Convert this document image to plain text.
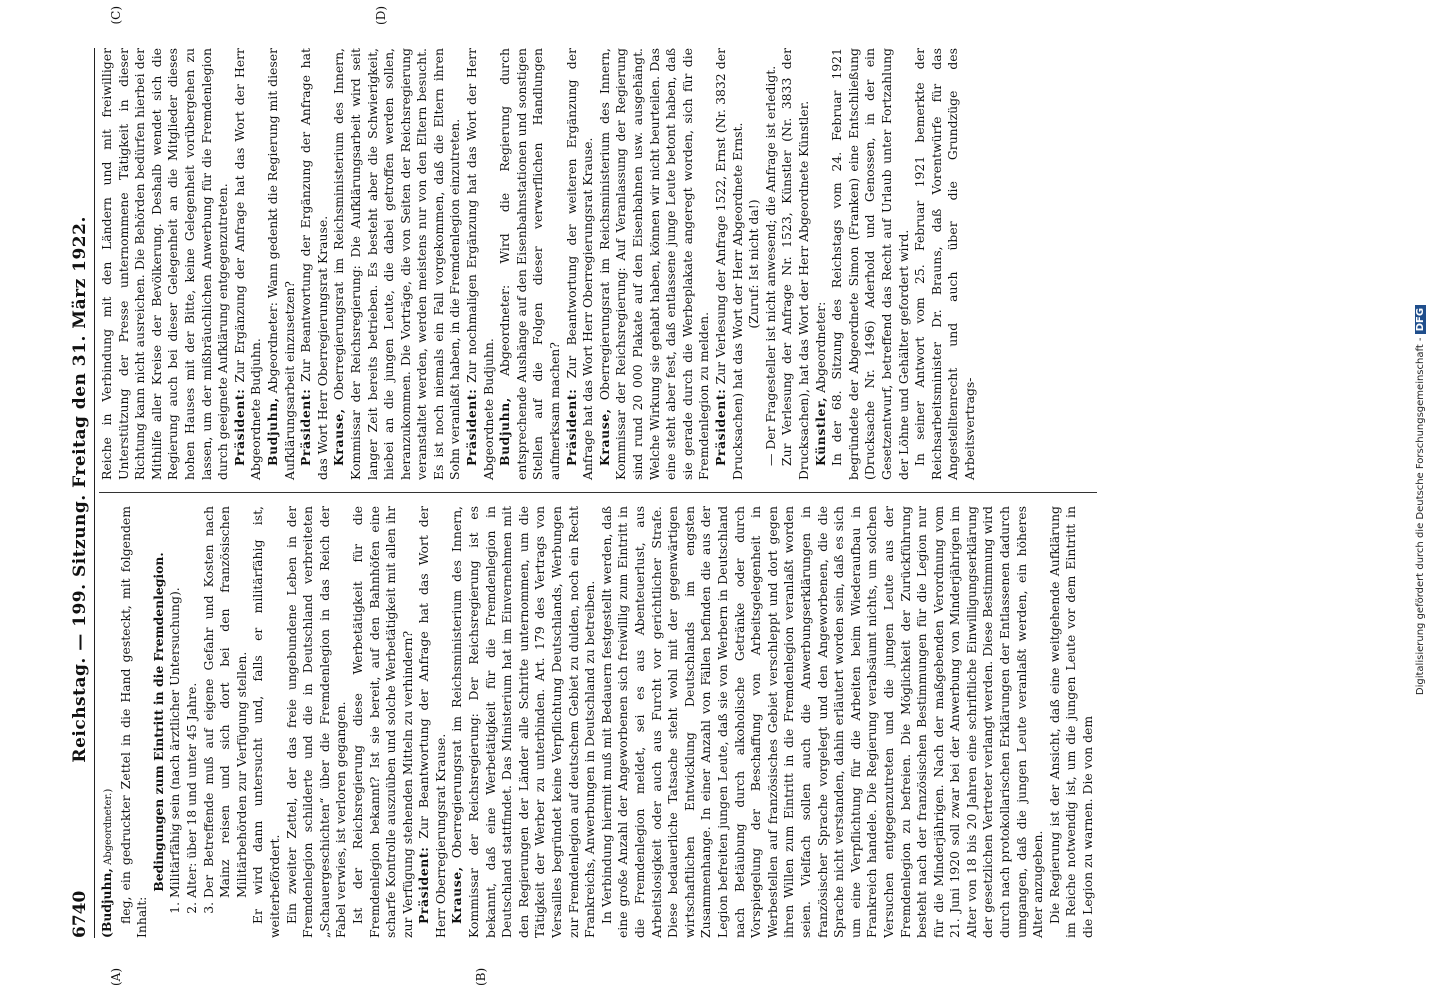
6740
Reichstag. — 199. Sitzung. Freitag den 31. März 1922.
(A)	(B)
(C)	(D)

(Budjuhn, Abgeordneter.) fleg, ein gedruckter Zettel in die Hand gesteckt, mit folgendem Inhalt:

Bedingungen zum Eintritt in die Fremdenlegion. 1. Militärfähig sein (nach ärztlicher Untersuchung). 2. Alter: über 18 und unter 45 Jahre. 3. Der Betreffende muß auf eigene Gefahr und Kosten nach Mainz reisen und sich dort bei den französischen Militärbehörden zur Verfügung stellen. Er wird dann untersucht und, falls er militärfähig ist, weiterbefördert. Ein zweiter Zettel, der das freie ungebundene Leben in der Fremdenlegion schilderte und die in Deutschland verbreiteten „Schauergeschichten“ über die Fremdenlegion in das Reich der Fabel verwies, ist verloren gegangen. Ist der Reichsregierung diese Werbetätigkeit für die Fremdenlegion bekannt? Ist sie bereit, auf den Bahnhöfen eine scharfe Kontrolle auszuüben und solche Werbetätigkeit mit allen ihr zur Verfügung stehenden Mitteln zu verhindern? Präsident: Zur Beantwortung der Anfrage hat das Wort der Herr Oberregierungsrat Krause. Krause, Oberregierungsrat im Reichsministerium des Innern, Kommissar der Reichsregierung: Der Reichsregierung ist es bekannt, daß eine Werbetätigkeit für die Fremdenlegion in Deutschland stattfindet. Das Ministerium hat im Einvernehmen mit den Regierungen der Länder alle Schritte unternommen, um die Tätigkeit der Werber zu unterbinden. Art. 179 des Vertrags von Versailles begründet keine Verpflichtung Deutschlands, Werbungen zur Fremdenlegion auf deutschem Gebiet zu dulden, noch ein Recht Frankreichs, Anwerbungen in Deutschland zu betreiben. In Verbindung hiermit muß mit Bedauern festgestellt werden, daß eine große Anzahl der Angeworbenen sich freiwillig zum Eintritt in die Fremdenlegion meldet, sei es aus Abenteuerlust, aus Arbeitslosigkeit oder auch aus Furcht vor gerichtlicher Strafe. Diese bedauerliche Tatsache steht wohl mit der gegenwärtigen wirtschaftlichen Entwicklung Deutschlands im engsten Zusammenhange. In einer Anzahl von Fällen befinden die aus der Legion befreiten jungen Leute, daß sie von Werbern in Deutschland nach Betäubung durch alkoholische Getränke oder durch Vorspiegelung der Beschaffung von Arbeitsgelegenheit in Werbestellen auf französisches Gebiet verschleppt und dort gegen ihren Willen zum Eintritt in die Fremdenlegion veranlaßt worden seien. Vielfach sollen auch die Anwerbungserklärungen in französischer Sprache vorgelegt und den Angeworbenen, die die Sprache nicht verstanden, dahin erläutert worden sein, daß es sich um eine Verpflichtung für die Arbeiten beim Wiederaufbau in Frankreich handele. Die Regierung verabsäumt nichts, um solchen Versuchen entgegenzutreten und die jungen Leute aus der Fremdenlegion zu befreien. Die Möglichkeit der Zurückführung besteht nach der französischen Bestimmungen für die Legion nur für die Minderjährigen. Nach der maßgebenden Verordnung vom 21. Juni 1920 soll zwar bei der Anwerbung von Minderjährigen im Alter von 18 bis 20 Jahren eine schriftliche Einwilligungserklärung der gesetzlichen Vertreter verlangt werden. Diese Bestimmung wird durch nach protokollarischen Erklärungen der Entlassenen dadurch umgangen, daß die jungen Leute veranlaßt werden, ein höheres Alter anzugeben. Die Regierung ist der Ansicht, daß eine weitgehende Aufklärung im Reiche notwendig ist, um die jungen Leute vor dem Eintritt in die Legion zu warnen. Die von dem

Reiche in Verbindung mit den Ländern und mit freiwilliger Unterstützung der Presse unternommene Tätigkeit in dieser Richtung kann nicht ausreichen. Die Behörden bedürfen hierbei der Mithilfe aller Kreise der Bevölkerung. Deshalb wendet sich die Regierung auch bei dieser Gelegenheit an die Mitglieder dieses hohen Hauses mit der Bitte, keine Gelegenheit vorübergehen zu lassen, um der mißbräuchlichen Anwerbung für die Fremdenlegion durch geeignete Aufklärung entgegenzutreten. Präsident: Zur Ergänzung der Anfrage hat das Wort der Herr Abgeordnete Budjuhn. Budjuhn, Abgeordneter: Wann gedenkt die Regierung mit dieser Aufklärungsarbeit einzusetzen? Präsident: Zur Beantwortung der Ergänzung der Anfrage hat das Wort Herr Oberregierungsrat Krause. Krause, Oberregierungsrat im Reichsministerium des Innern, Kommissar der Reichsregierung: Die Aufklärungsarbeit wird seit langer Zeit bereits betrieben. Es besteht aber die Schwierigkeit, hiebei an die jungen Leute, die dabei getroffen werden sollen, heranzukommen. Die Vorträge, die von Seiten der Reichsregierung veranstaltet werden, werden meistens nur von den Eltern besucht. Es ist noch niemals ein Fall vorgekommen, daß die Eltern ihren Sohn veranlaßt haben, in die Fremdenlegion einzutreten. Präsident: Zur nochmaligen Ergänzung hat das Wort der Herr Abgeordnete Budjuhn. Budjuhn, Abgeordneter: Wird die Regierung durch entsprechende Aushänge auf den Eisenbahnstationen und sonstigen Stellen auf die Folgen dieser verwerflichen Handlungen aufmerksam machen? Präsident: Zur Beantwortung der weiteren Ergänzung der Anfrage hat das Wort Herr Oberregierungsrat Krause. Krause, Oberregierungsrat im Reichsministerium des Innern, Kommissar der Reichsregierung: Auf Veranlassung der Regierung sind rund 20 000 Plakate auf den Eisenbahnen usw. ausgehängt. Welche Wirkung sie gehabt haben, können wir nicht beurteilen. Das eine steht aber fest, daß entlassene junge Leute betont haben, daß sie gerade durch die Werbeplakate angeregt worden, sich für die Fremdenlegion zu melden. Präsident: Zur Verlesung der Anfrage 1522, Ernst (Nr. 3832 der Drucksachen) hat das Wort der Herr Abgeordnete Ernst. (Zuruf: Ist nicht da!) — Der Fragesteller ist nicht anwesend; die Anfrage ist erledigt. Zur Verlesung der Anfrage Nr. 1523, Künstler (Nr. 3833 der Drucksachen), hat das Wort der Herr Abgeordnete Künstler. Künstler, Abgeordneter: In der 68. Sitzung des Reichstags vom 24. Februar 1921 begründete der Abgeordnete Simon (Franken) eine Entschließung (Drucksache Nr. 1496) Aderhold und Genossen, in der ein Gesetzentwurf, betreffend das Recht auf Urlaub unter Fortzahlung der Löhne und Gehälter gefordert wird. In seiner Antwort vom 25. Februar 1921 bemerkte der Reichsarbeitsminister Dr. Brauns, daß Vorentwürfe für das Angestelltenrecht und auch über die Grundzüge des Arbeitsvertrags-	Digitalisierung gefördert durch die Deutsche Forschungsgemeinschaft - DFG
